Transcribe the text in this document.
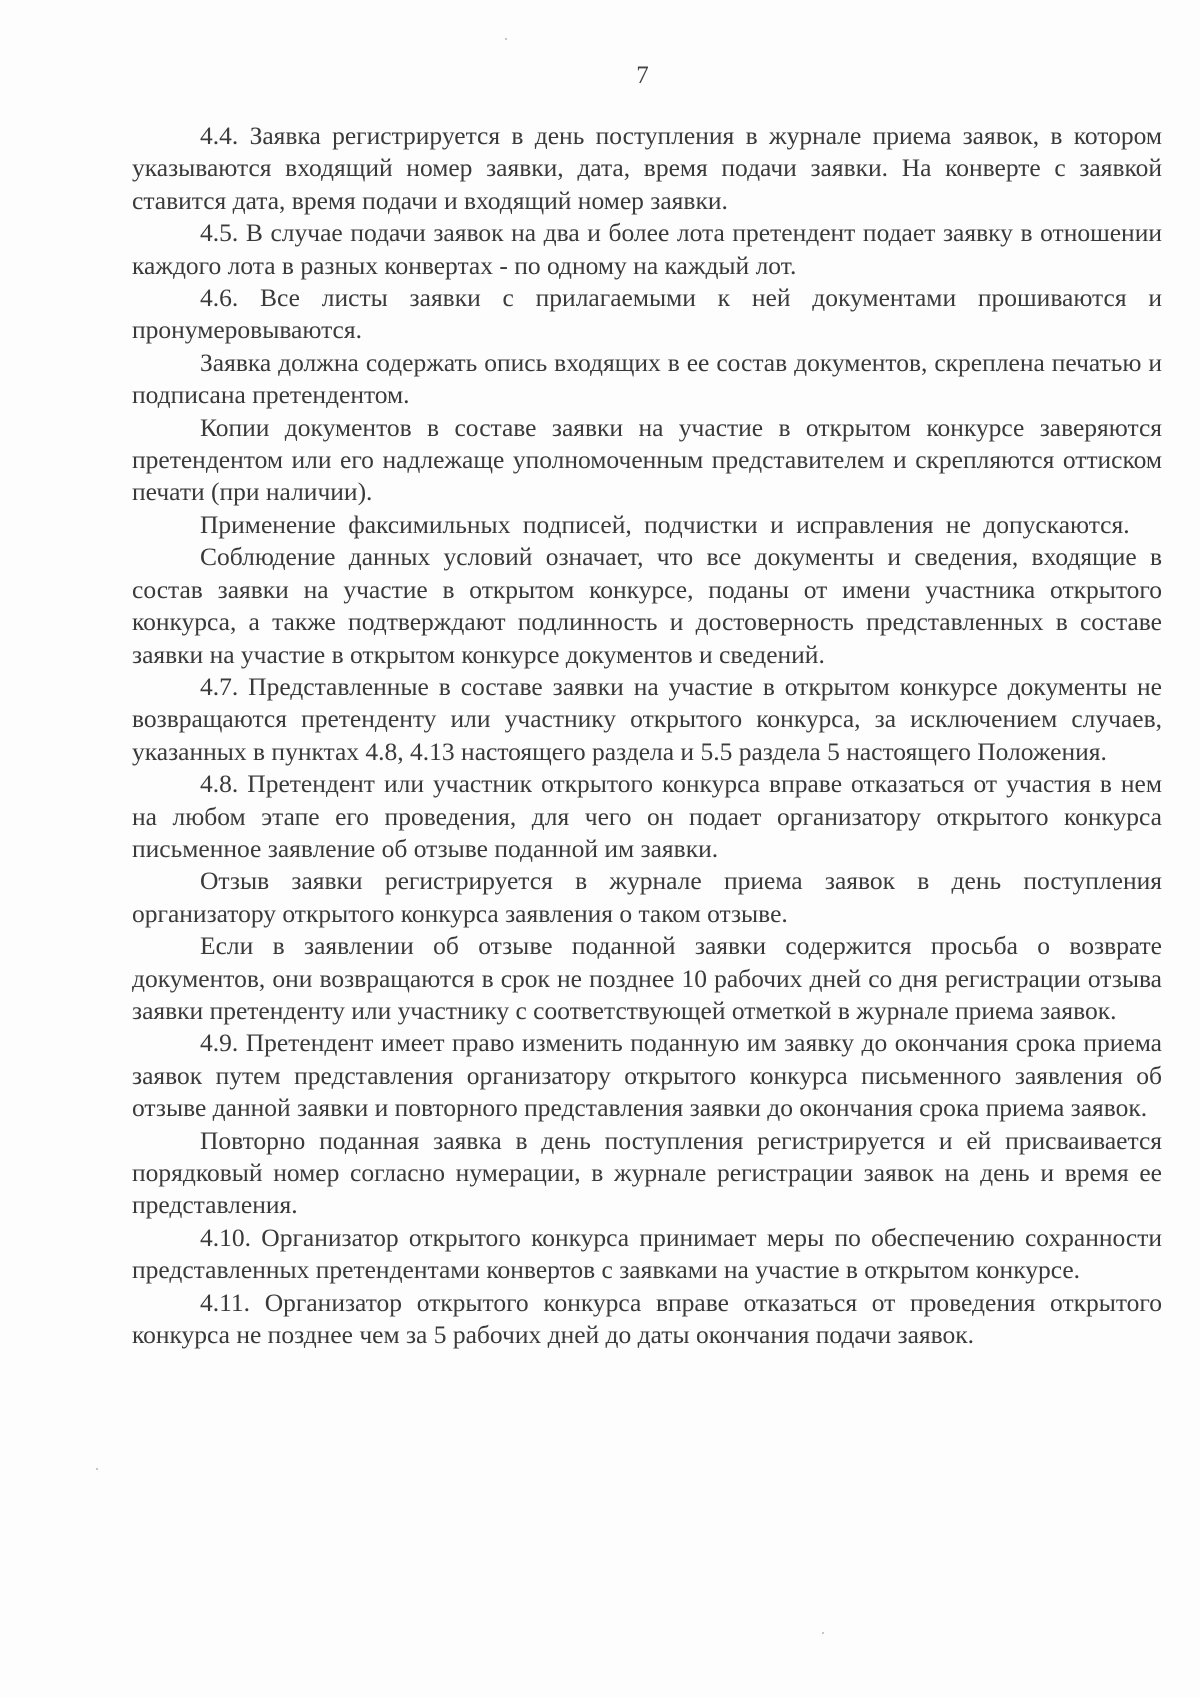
7

4.4. Заявка регистрируется в день поступления в журнале приема заявок, в котором указываются входящий номер заявки, дата, время подачи заявки. На конверте с заявкой ставится дата, время подачи и входящий номер заявки.

4.5. В случае подачи заявок на два и более лота претендент подает заявку в отношении каждого лота в разных конвертах - по одному на каждый лот.

4.6. Все листы заявки с прилагаемыми к ней документами прошиваются и пронумеровываются.

Заявка должна содержать опись входящих в ее состав документов, скреплена печатью и подписана претендентом.

Копии документов в составе заявки на участие в открытом конкурсе заверяются претендентом или его надлежаще уполномоченным представителем и скрепляются оттиском печати (при наличии).

Применение факсимильных подписей, подчистки и исправления не допускаются.

Соблюдение данных условий означает, что все документы и сведения, входящие в состав заявки на участие в открытом конкурсе, поданы от имени участника открытого конкурса, а также подтверждают подлинность и достоверность представленных в составе заявки на участие в открытом конкурсе документов и сведений.

4.7. Представленные в составе заявки на участие в открытом конкурсе документы не возвращаются претенденту или участнику открытого конкурса, за исключением случаев, указанных в пунктах 4.8, 4.13 настоящего раздела и 5.5 раздела 5 настоящего Положения.

4.8. Претендент или участник открытого конкурса вправе отказаться от участия в нем на любом этапе его проведения, для чего он подает организатору открытого конкурса письменное заявление об отзыве поданной им заявки.

Отзыв заявки регистрируется в журнале приема заявок в день поступления организатору открытого конкурса заявления о таком отзыве.

Если в заявлении об отзыве поданной заявки содержится просьба о возврате документов, они возвращаются в срок не позднее 10 рабочих дней со дня регистрации отзыва заявки претенденту или участнику с соответствующей отметкой в журнале приема заявок.

4.9. Претендент имеет право изменить поданную им заявку до окончания срока приема заявок путем представления организатору открытого конкурса письменного заявления об отзыве данной заявки и повторного представления заявки до окончания срока приема заявок.

Повторно поданная заявка в день поступления регистрируется и ей присваивается порядковый номер согласно нумерации, в журнале регистрации заявок на день и время ее представления.

4.10. Организатор открытого конкурса принимает меры по обеспечению сохранности представленных претендентами конвертов с заявками на участие в открытом конкурсе.

4.11. Организатор открытого конкурса вправе отказаться от проведения открытого конкурса не позднее чем за 5 рабочих дней до даты окончания подачи заявок.
